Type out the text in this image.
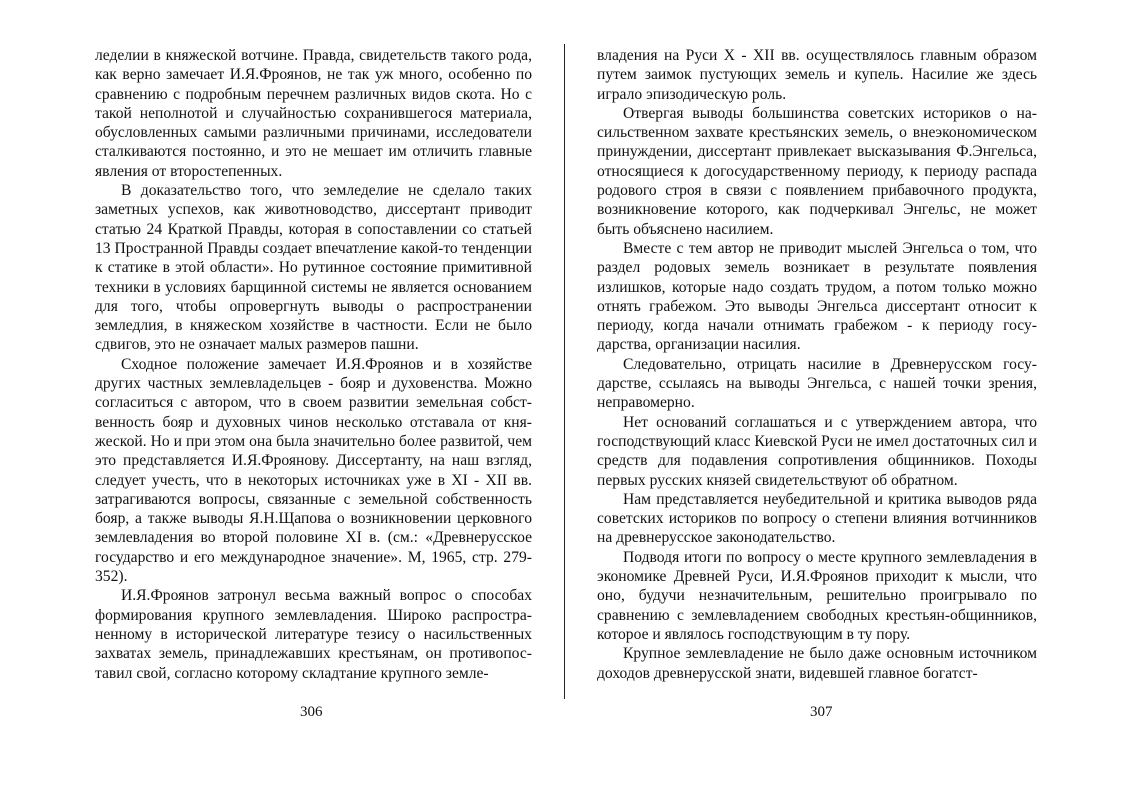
леделии в княжеской вотчине. Правда, свидетельств такого рода, как верно замечает И.Я.Фроянов, не так уж много, особенно по сравнению с подробным перечнем различных видов скота. Но с такой неполнотой и случайностью сохранившегося материала, обусловленных самыми различными причинами, исследователи сталкиваются постоянно, и это не мешает им отличить главные явления от второстепенных.

В доказательство того, что земледелие не сделало таких заметных успехов, как животноводство, диссертант приводит статью 24 Краткой Правды, которая в сопоставлении со статьей 13 Пространной Правды создает впечатление какой-то тенденции к статике в этой области». Но рутинное состояние примитивной техники в условиях барщинной системы не является основанием для того, чтобы опровергнуть выводы о распространении земледлия, в княжеском хозяйстве в частности. Если не было сдвигов, это не означает малых размеров пашни.

Сходное положение замечает И.Я.Фроянов и в хозяйстве других частных землевладельцев - бояр и духовенства. Можно согласиться с автором, что в своем развитии земельная собственность бояр и духовных чинов несколько отставала от княжеской. Но и при этом она была значительно более развитой, чем это представляется И.Я.Фроянову. Диссертанту, на наш взгляд, следует учесть, что в некоторых источниках уже в XI - XII вв. затрагиваются вопросы, связанные с земельной собственность бояр, а также выводы Я.Н.Щапова о возникновении церковного землевладения во второй половине XI в. (см.: «Древнерусское государство и его международное значение». М, 1965, стр. 279-352).

И.Я.Фроянов затронул весьма важный вопрос о способах формирования крупного землевладения. Широко распространенному в исторической литературе тезису о насильственных захватах земель, принадлежавших крестьянам, он противопоставил свой, согласно которому складтание крупного земле-

владения на Руси X - XII вв. осуществлялось главным образом путем заимок пустующих земель и купель. Насилие же здесь играло эпизодическую роль.

Отвергая выводы большинства советских историков о насильственном захвате крестьянских земель, о внеэкономическом принуждении, диссертант привлекает высказывания Ф.Энгельса, относящиеся к догосударственному периоду, к периоду распада родового строя в связи с появлением прибавочного продукта, возникновение которого, как подчеркивал Энгельс, не может быть объяснено насилием.

Вместе с тем автор не приводит мыслей Энгельса о том, что раздел родовых земель возникает в результате появления излишков, которые надо создать трудом, а потом только можно отнять грабежом. Это выводы Энгельса диссертант относит к периоду, когда начали отнимать грабежом - к периоду государства, организации насилия.

Следовательно, отрицать насилие в Древнерусском государстве, ссылаясь на выводы Энгельса, с нашей точки зрения, неправомерно.

Нет оснований соглашаться и с утверждением автора, что господствующий класс Киевской Руси не имел достаточных сил и средств для подавления сопротивления общинников. Походы первых русских князей свидетельствуют об обратном.

Нам представляется неубедительной и критика выводов ряда советских историков по вопросу о степени влияния вотчинников на древнерусское законодательство.

Подводя итоги по вопросу о месте крупного землевладения в экономике Древней Руси, И.Я.Фроянов приходит к мысли, что оно, будучи незначительным, решительно проигрывало по сравнению с землевладением свободных крестьян-общинников, которое и являлось господствующим в ту пору.

Крупное землевладение не было даже основным источником доходов древнерусской знати, видевшей главное богатст-

306	307
